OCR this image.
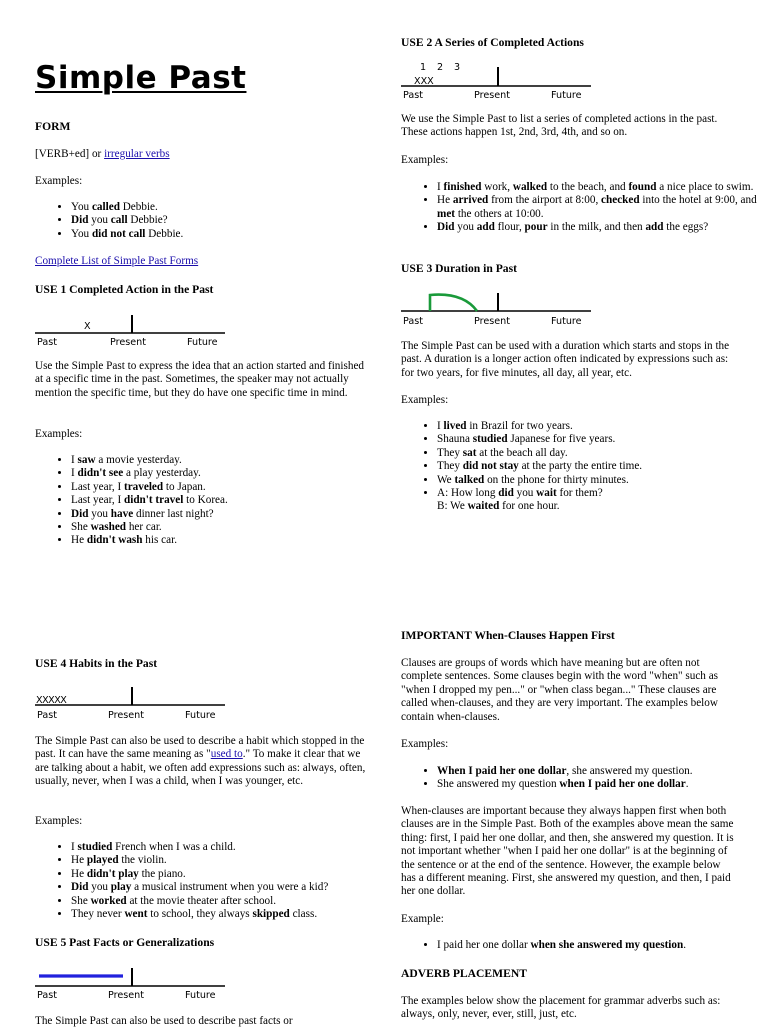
Simple Past
FORM

[VERB+ed] or irregular verbs

Examples:

• You called Debbie.
• Did you call Debbie?
• You did not call Debbie.

Complete List of Simple Past Forms

USE 1 Completed Action in the Past
X
Past	Present	Future

Use the Simple Past to express the idea that an action started and finished at a specific time in the past. Sometimes, the speaker may not actually mention the specific time, but they do have one specific time in mind.

Examples:

• I saw a movie yesterday.
• I didn't see a play yesterday.
• Last year, I traveled to Japan.
• Last year, I didn't travel to Korea.
• Did you have dinner last night?
• She washed her car.
• He didn't wash his car.
USE 4 Habits in the Past
XXXXX
Past	Present	Future

The Simple Past can also be used to describe a habit which stopped in the past. It can have the same meaning as "used to." To make it clear that we are talking about a habit, we often add expressions such as: always, often, usually, never, when I was a child, when I was younger, etc.

Examples:

• I studied French when I was a child.
• He played the violin.
• He didn't play the piano.
• Did you play a musical instrument when you were a kid?
• She worked at the movie theater after school.
• They never went to school, they always skipped class.
USE 5 Past Facts or Generalizations
Past	Present	Future

The Simple Past can also be used to describe past facts or

USE 2 A Series of Completed Actions
1 2 3
XXX
Past	Present	Future

We use the Simple Past to list a series of completed actions in the past. These actions happen 1st, 2nd, 3rd, 4th, and so on.

Examples:

• I finished work, walked to the beach, and found a nice place to swim.
• He arrived from the airport at 8:00, checked into the hotel at 9:00, and met the others at 10:00.
• Did you add flour, pour in the milk, and then add the eggs?
USE 3 Duration in Past
Past	Present	Future

The Simple Past can be used with a duration which starts and stops in the past. A duration is a longer action often indicated by expressions such as: for two years, for five minutes, all day, all year, etc.

Examples:

• I lived in Brazil for two years.
• Shauna studied Japanese for five years.
• They sat at the beach all day.
• They did not stay at the party the entire time.
• We talked on the phone for thirty minutes.
• A: How long did you wait for them?
B: We waited for one hour.
IMPORTANT When-Clauses Happen First

Clauses are groups of words which have meaning but are often not complete sentences. Some clauses begin with the word "when" such as "when I dropped my pen..." or "when class began..." These clauses are called when-clauses, and they are very important. The examples below contain when-clauses.

Examples:

• When I paid her one dollar, she answered my question.
• She answered my question when I paid her one dollar.

When-clauses are important because they always happen first when both clauses are in the Simple Past. Both of the examples above mean the same thing: first, I paid her one dollar, and then, she answered my question. It is not important whether "when I paid her one dollar" is at the beginning of the sentence or at the end of the sentence. However, the example below has a different meaning. First, she answered my question, and then, I paid her one dollar.

Example:

• I paid her one dollar when she answered my question.
ADVERB PLACEMENT

The examples below show the placement for grammar adverbs such as: always, only, never, ever, still, just, etc.
